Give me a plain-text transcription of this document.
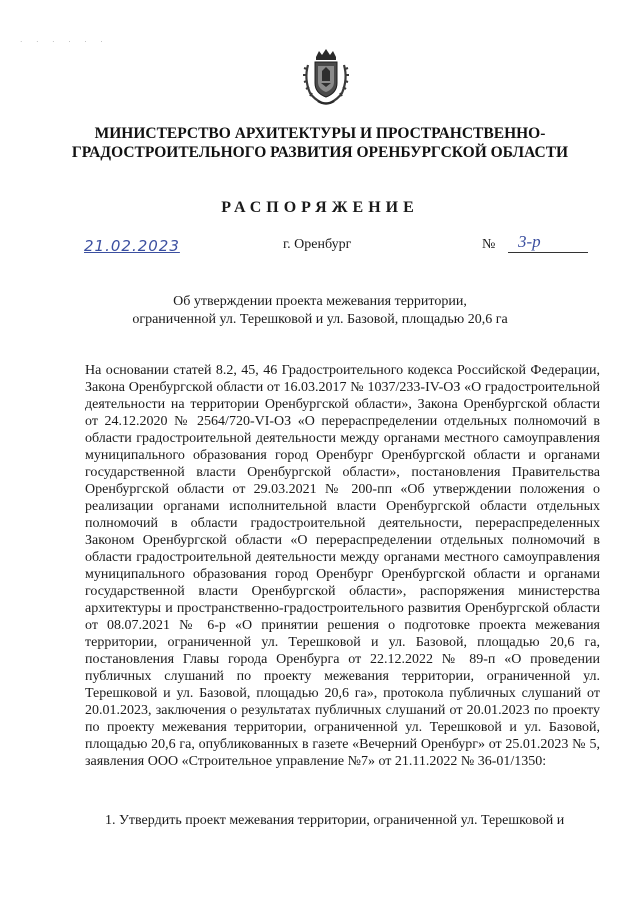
· · · · · ·
МИНИСТЕРСТВО АРХИТЕКТУРЫ И ПРОСТРАНСТВЕННО-
ГРАДОСТРОИТЕЛЬНОГО РАЗВИТИЯ ОРЕНБУРГСКОЙ ОБЛАСТИ
РАСПОРЯЖЕНИЕ
21.02.2023	г. Оренбург	№	3-р
Об утверждении проекта межевания территории,
ограниченной ул. Терешковой и ул. Базовой, площадью 20,6 га

На основании статей 8.2, 45, 46 Градостроительного кодекса Российской Федерации, Закона Оренбургской области от 16.03.2017 № 1037/233-IV-ОЗ «О градостроительной деятельности на территории Оренбургской области», Закона Оренбургской области от 24.12.2020 № 2564/720-VI-ОЗ «О перераспределении отдельных полномочий в области градостроительной деятельности между органами местного самоуправления муниципального образования город Оренбург Оренбургской области и органами государственной власти Оренбургской области», постановления Правительства Оренбургской области от 29.03.2021 № 200-пп «Об утверждении положения о реализации органами исполнительной власти Оренбургской области отдельных полномочий в области градостроительной деятельности, перераспределенных Законом Оренбургской области «О перераспределении отдельных полномочий в области градостроительной деятельности между органами местного самоуправления муниципального образования город Оренбург Оренбургской области и органами государственной власти Оренбургской области», распоряжения министерства архитектуры и пространственно-градостроительного развития Оренбургской области от 08.07.2021 № 6-р «О принятии решения о подготовке проекта межевания территории, ограниченной ул. Терешковой и ул. Базовой, площадью 20,6 га, постановления Главы города Оренбурга от 22.12.2022 № 89-п «О проведении публичных слушаний по проекту межевания территории, ограниченной ул. Терешковой и ул. Базовой, площадью 20,6 га», протокола публичных слушаний от 20.01.2023, заключения о результатах публичных слушаний от 20.01.2023 по проекту по проекту межевания территории, ограниченной ул. Терешковой и ул. Базовой, площадью 20,6 га, опубликованных в газете «Вечерний Оренбург» от 25.01.2023 № 5, заявления ООО «Строительное управление №7» от 21.11.2022 № 36-01/1350:

1. Утвердить проект межевания территории, ограниченной ул. Терешковой и
